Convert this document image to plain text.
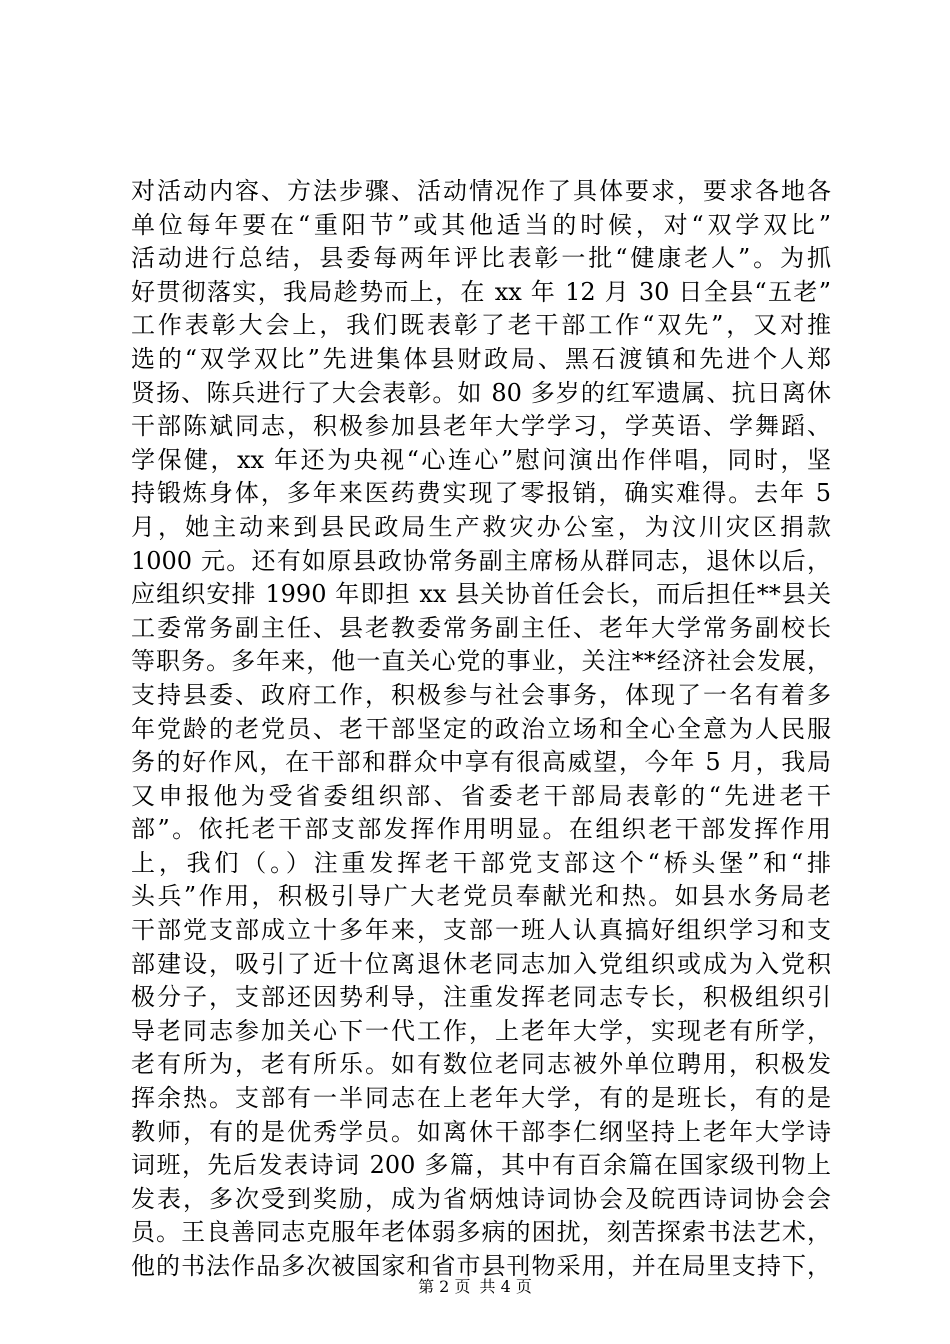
对活动内容、方法步骤、活动情况作了具体要求，要求各地各
单位每年要在“重阳节”或其他适当的时候，对“双学双比”
活动进行总结，县委每两年评比表彰一批“健康老人”。为抓
好贯彻落实，我局趁势而上，在 xx 年 12 月 30 日全县“五老”
工作表彰大会上，我们既表彰了老干部工作“双先”，又对推
选的“双学双比”先进集体县财政局、黑石渡镇和先进个人郑
贤扬、陈兵进行了大会表彰。如 80 多岁的红军遗属、抗日离休
干部陈斌同志，积极参加县老年大学学习，学英语、学舞蹈、
学保健，xx 年还为央视“心连心”慰问演出作伴唱，同时，坚
持锻炼身体，多年来医药费实现了零报销，确实难得。去年 5
月，她主动来到县民政局生产救灾办公室，为汶川灾区捐款
1000 元。还有如原县政协常务副主席杨从群同志，退休以后，
应组织安排 1990 年即担 xx 县关协首任会长，而后担任**县关
工委常务副主任、县老教委常务副主任、老年大学常务副校长
等职务。多年来，他一直关心党的事业，关注**经济社会发展，
支持县委、政府工作，积极参与社会事务，体现了一名有着多
年党龄的老党员、老干部坚定的政治立场和全心全意为人民服
务的好作风，在干部和群众中享有很高威望，今年 5 月，我局
又申报他为受省委组织部、省委老干部局表彰的“先进老干
部”。依托老干部支部发挥作用明显。在组织老干部发挥作用
上，我们（。）注重发挥老干部党支部这个“桥头堡”和“排
头兵”作用，积极引导广大老党员奉献光和热。如县水务局老
干部党支部成立十多年来，支部一班人认真搞好组织学习和支
部建设，吸引了近十位离退休老同志加入党组织或成为入党积
极分子，支部还因势利导，注重发挥老同志专长，积极组织引
导老同志参加关心下一代工作，上老年大学，实现老有所学，
老有所为，老有所乐。如有数位老同志被外单位聘用，积极发
挥余热。支部有一半同志在上老年大学，有的是班长，有的是
教师，有的是优秀学员。如离休干部李仁纲坚持上老年大学诗
词班，先后发表诗词 200 多篇，其中有百余篇在国家级刊物上
发表，多次受到奖励，成为省炳烛诗词协会及皖西诗词协会会
员。王良善同志克服年老体弱多病的困扰，刻苦探索书法艺术，
他的书法作品多次被国家和省市县刊物采用，并在局里支持下，
第 2 页 共 4 页
